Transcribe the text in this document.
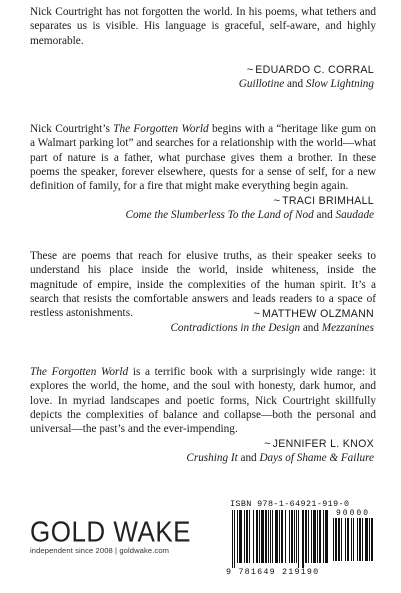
Nick Courtright has not forgotten the world. In his poems, what tethers and separates us is visible. His language is graceful, self-aware, and highly memorable.

~ EDUARDO C. CORRAL
Guillotine and Slow Lightning

Nick Courtright’s The Forgotten World begins with a “heritage like gum on a Walmart parking lot” and searches for a relationship with the world—what part of nature is a father, what purchase gives them a brother. In these poems the speaker, forever elsewhere, quests for a sense of self, for a new definition of family, for a fire that might make everything begin again.

~ TRACI BRIMHALL
Come the Slumberless To the Land of Nod and Saudade

These are poems that reach for elusive truths, as their speaker seeks to understand his place inside the world, inside whiteness, inside the magnitude of empire, inside the complexities of the human spirit. It’s a search that resists the comfortable answers and leads readers to a space of restless astonishments.	~ MATTHEW OLZMANN
Contradictions in the Design and Mezzanines

The Forgotten World is a terrific book with a surprisingly wide range: it explores the world, the home, and the soul with honesty, dark humor, and love. In myriad landscapes and poetic forms, Nick Courtright skillfully depicts the complexities of balance and collapse—both the personal and universal—the past’s and the ever-impending.

~ JENNIFER L. KNOX
Crushing It and Days of Shame & Failure
GOLD WAKE
independent since 2008 | goldwake.com
ISBN 978-1-64921-919-0
90000
9 781649 219190
